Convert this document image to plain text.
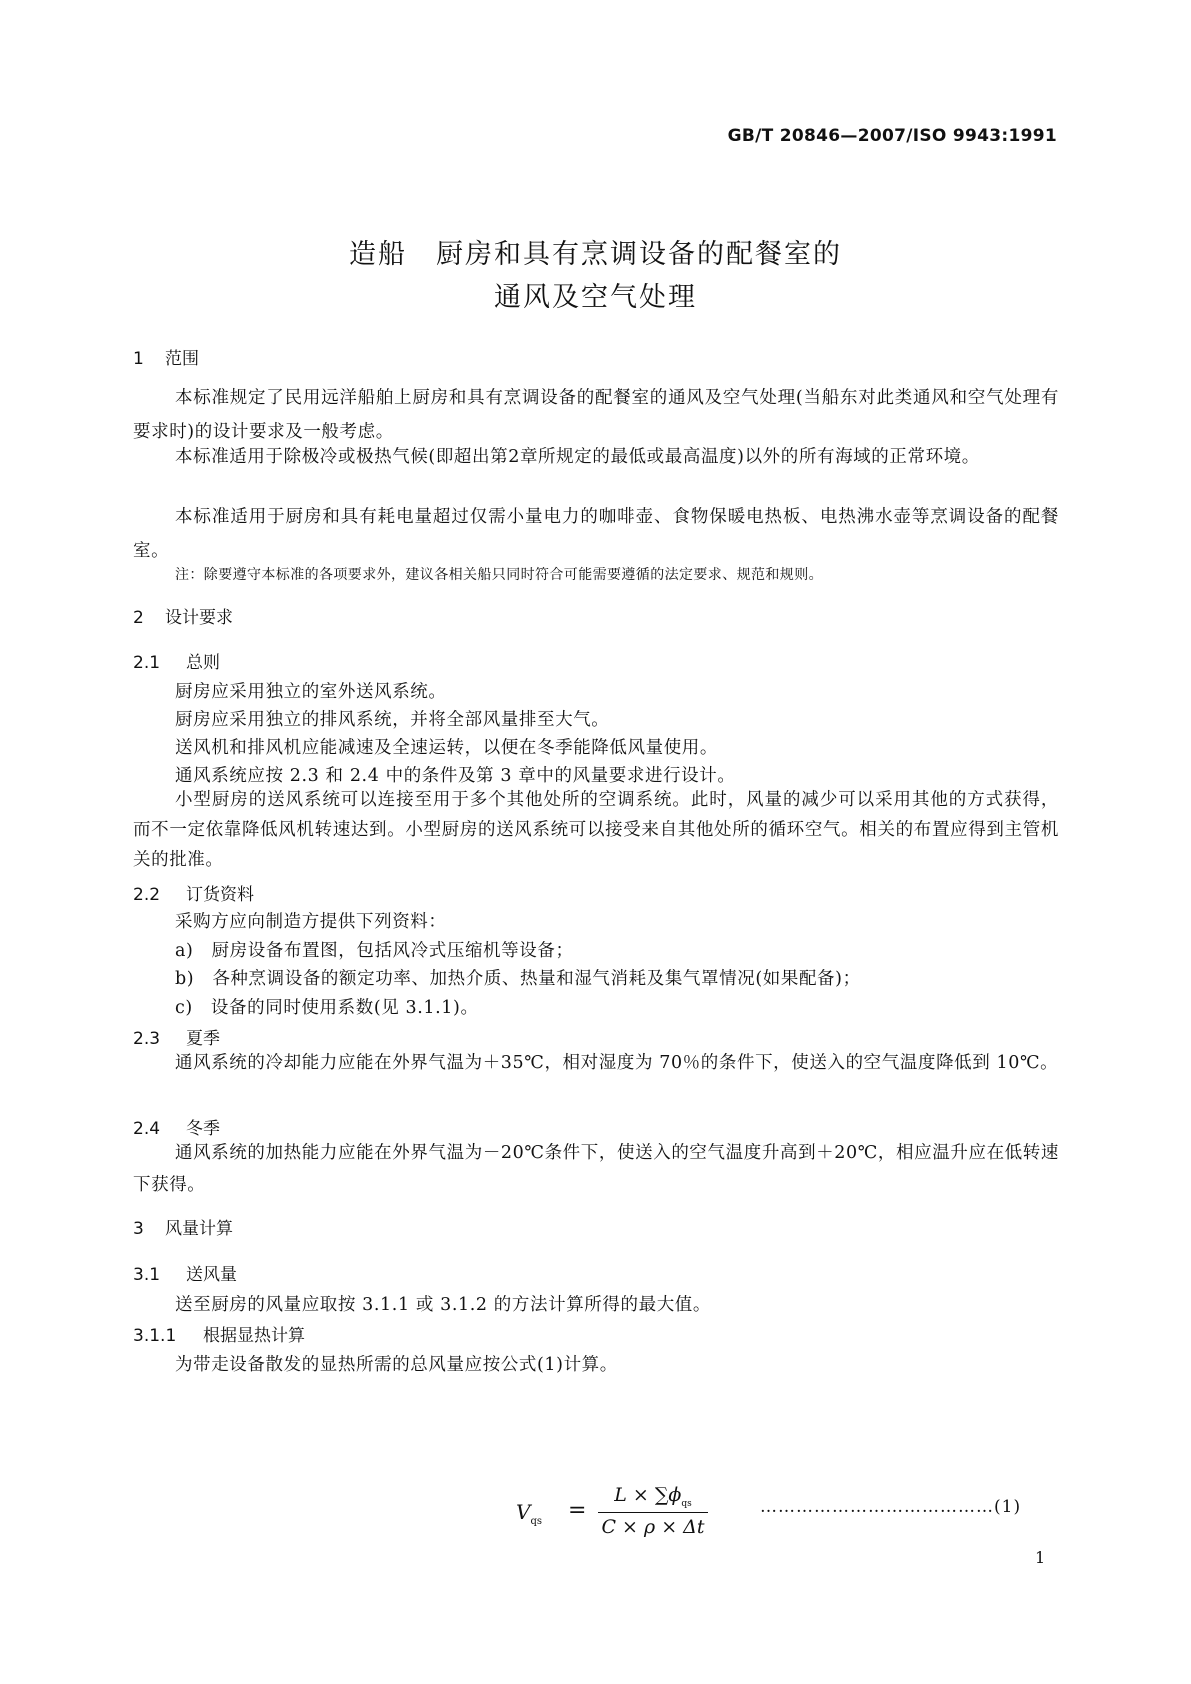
GB/T 20846—2007/ISO 9943:1991
造船　厨房和具有烹调设备的配餐室的
通风及空气处理
1 范围
本标准规定了民用远洋船舶上厨房和具有烹调设备的配餐室的通风及空气处理(当船东对此类通风和空气处理有要求时)的设计要求及一般考虑。
本标准适用于除极冷或极热气候(即超出第2章所规定的最低或最高温度)以外的所有海域的正常环境。
本标准适用于厨房和具有耗电量超过仅需小量电力的咖啡壶、食物保暖电热板、电热沸水壶等烹调设备的配餐室。
注：除要遵守本标准的各项要求外，建议各相关船只同时符合可能需要遵循的法定要求、规范和规则。
2 设计要求
2.1 总则
厨房应采用独立的室外送风系统。
厨房应采用独立的排风系统，并将全部风量排至大气。
送风机和排风机应能减速及全速运转，以便在冬季能降低风量使用。
通风系统应按 2.3 和 2.4 中的条件及第 3 章中的风量要求进行设计。
小型厨房的送风系统可以连接至用于多个其他处所的空调系统。此时，风量的减少可以采用其他的方式获得，而不一定依靠降低风机转速达到。小型厨房的送风系统可以接受来自其他处所的循环空气。相关的布置应得到主管机关的批准。
2.2 订货资料
采购方应向制造方提供下列资料：
a)　厨房设备布置图，包括风冷式压缩机等设备；
b)　各种烹调设备的额定功率、加热介质、热量和湿气消耗及集气罩情况(如果配备)；
c)　设备的同时使用系数(见 3.1.1)。
2.3 夏季
通风系统的冷却能力应能在外界气温为＋35℃，相对湿度为 70％的条件下，使送入的空气温度降低到 10℃。
2.4 冬季
通风系统的加热能力应能在外界气温为－20℃条件下，使送入的空气温度升高到＋20℃，相应温升应在低转速下获得。
3 风量计算
3.1 送风量
送至厨房的风量应取按 3.1.1 或 3.1.2 的方法计算所得的最大值。
3.1.1 根据显热计算
为带走设备散发的显热所需的总风量应按公式(1)计算。
$V_{qs}$ =
$L \times \sum\phi_{qs}$
C × ρ × Δt
…………………………………(1)
1
